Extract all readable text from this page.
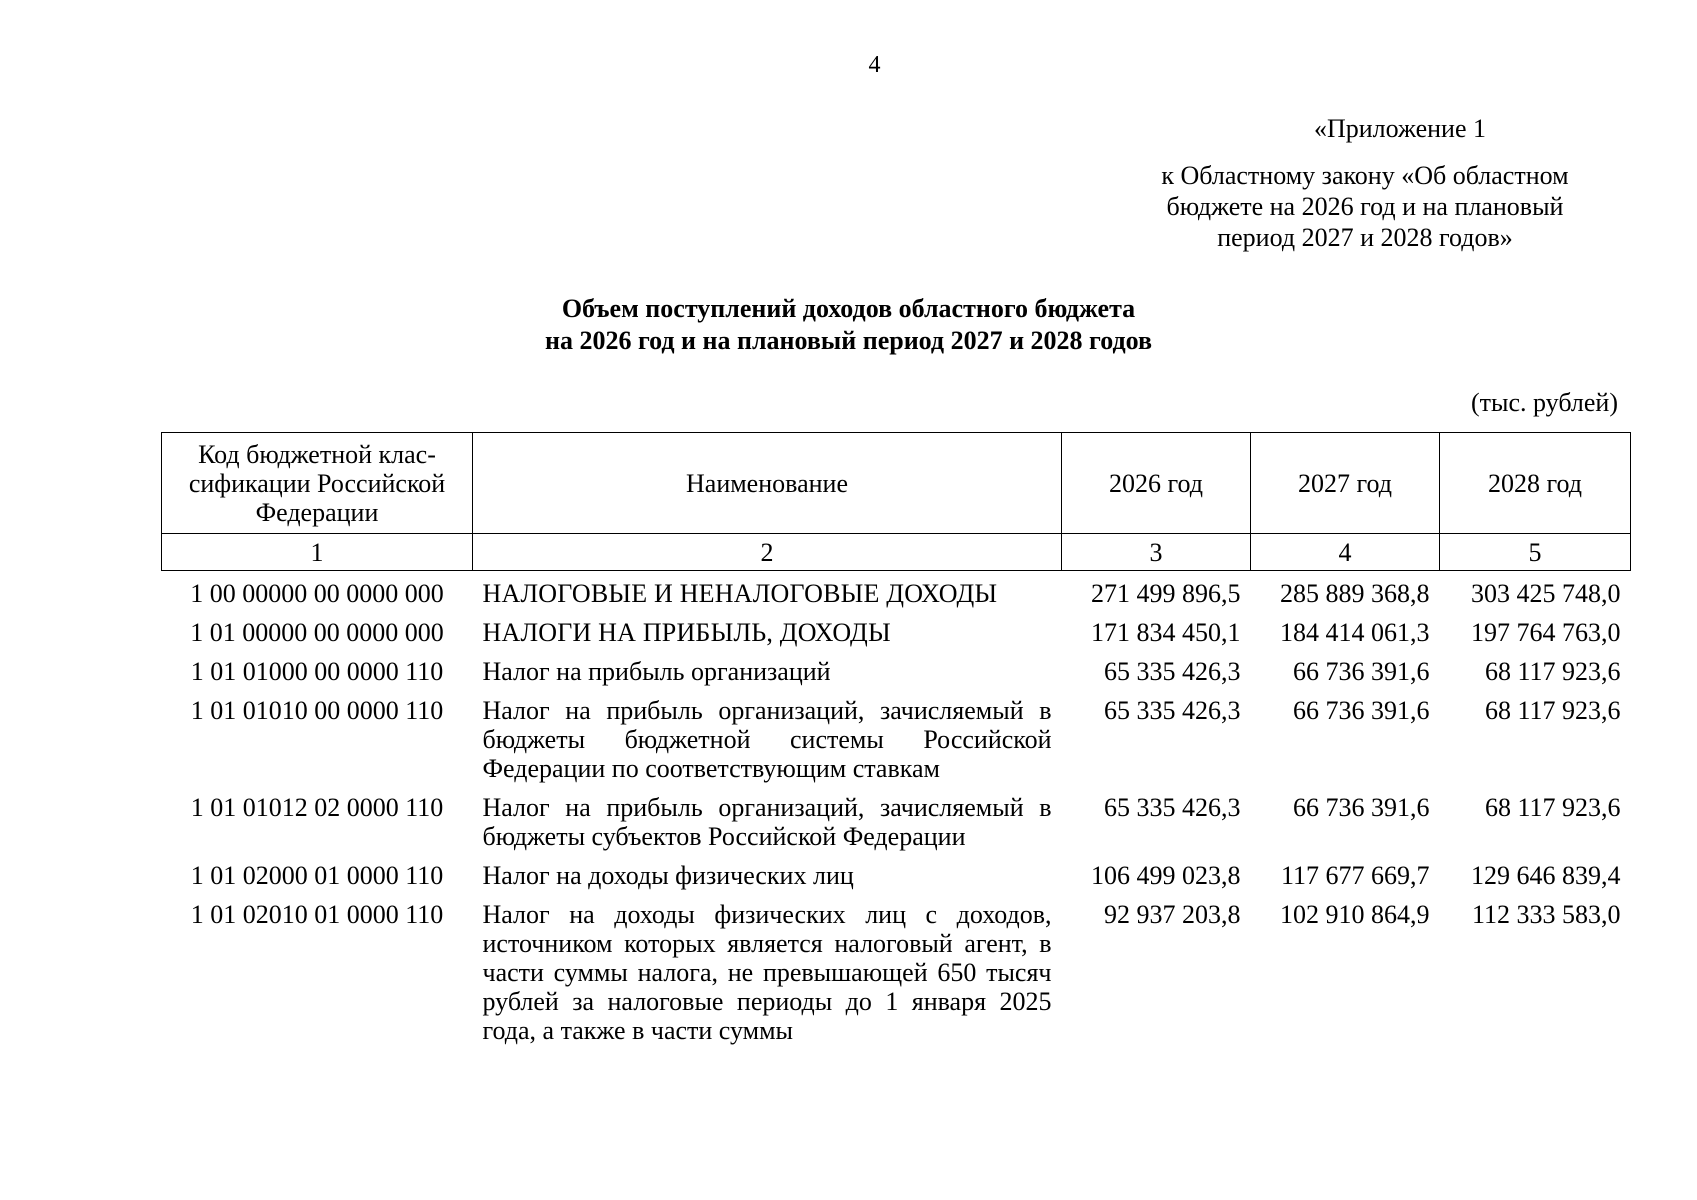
4
«Приложение 1
к Областному закону «Об областном
бюджете на 2026 год и на плановый
период 2027 и 2028 годов»
Объем поступлений доходов областного бюджета
на 2026 год и на плановый период 2027 и 2028 годов
(тыс. рублей)
Код бюджетной клас-сификации Российской Федерации	Наименование	2026 год	2027 год	2028 год
1	2	3	4	5
1 00 00000 00 0000 000	НАЛОГОВЫЕ И НЕНАЛОГОВЫЕ ДОХОДЫ	271 499 896,5	285 889 368,8	303 425 748,0
1 01 00000 00 0000 000	НАЛОГИ НА ПРИБЫЛЬ, ДОХОДЫ	171 834 450,1	184 414 061,3	197 764 763,0
1 01 01000 00 0000 110	Налог на прибыль организаций	65 335 426,3	66 736 391,6	68 117 923,6
1 01 01010 00 0000 110	Налог на прибыль организаций, зачисляемый в бюджеты бюджетной системы Российской Федерации по соответствующим ставкам	65 335 426,3	66 736 391,6	68 117 923,6
1 01 01012 02 0000 110	Налог на прибыль организаций, зачисляемый в бюджеты субъектов Российской Федерации	65 335 426,3	66 736 391,6	68 117 923,6
1 01 02000 01 0000 110	Налог на доходы физических лиц	106 499 023,8	117 677 669,7	129 646 839,4
1 01 02010 01 0000 110	Налог на доходы физических лиц с доходов, источником которых является налоговый агент, в части суммы налога, не превышающей 650 тысяч рублей за налоговые периоды до 1 января 2025 года, а также в части суммы	92 937 203,8	102 910 864,9	112 333 583,0
